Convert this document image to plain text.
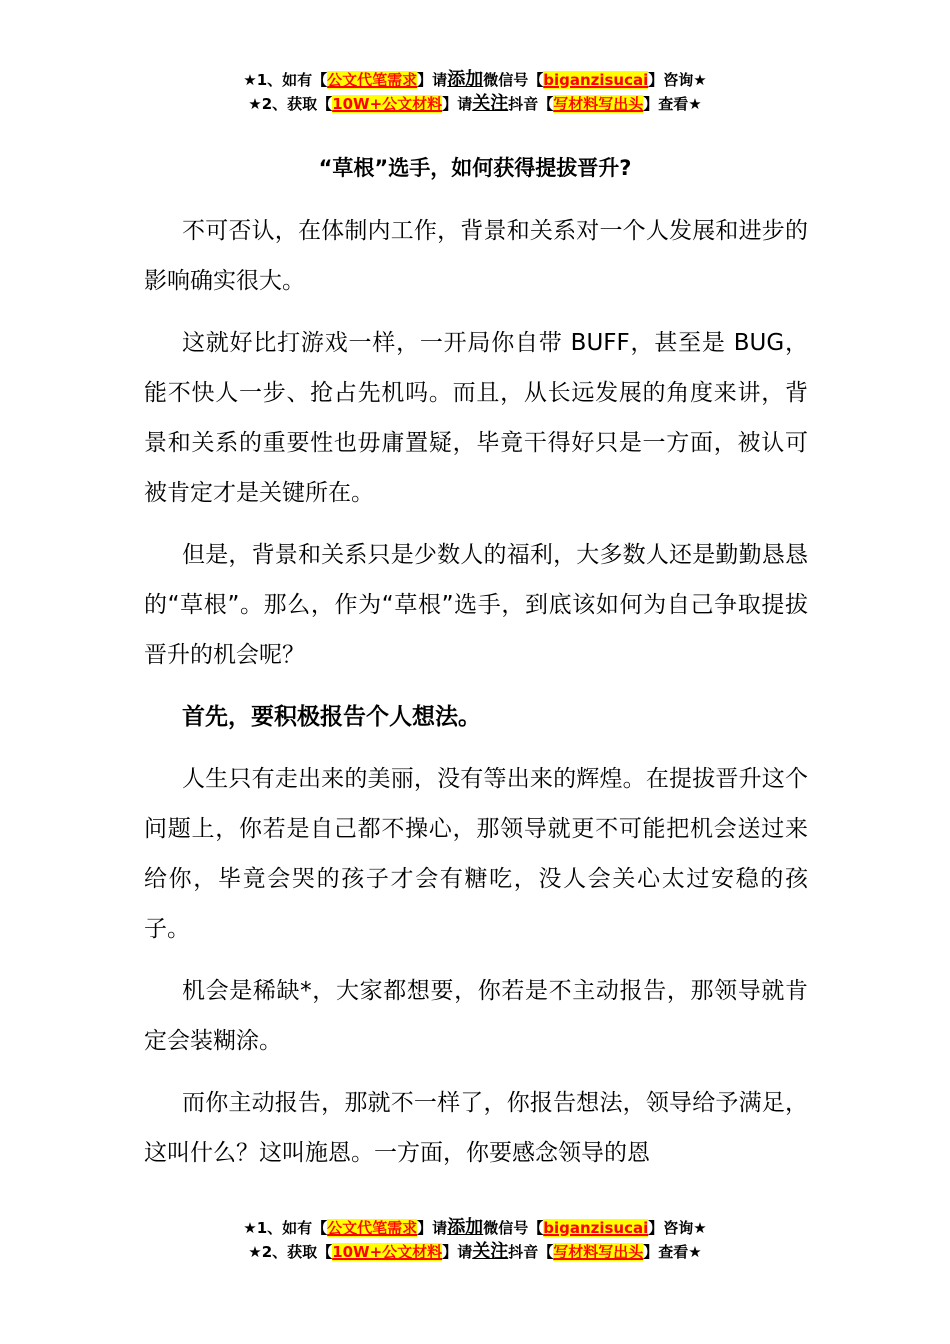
★1、如有【公文代笔需求】请添加微信号【biganzisucai】咨询★
★2、获取【10W+公文材料】请关注抖音【写材料写出头】查看★
“草根”选手，如何获得提拔晋升?

不可否认，在体制内工作，背景和关系对一个人发展和进步的影响确实很大。

这就好比打游戏一样，一开局你自带 BUFF，甚至是 BUG，能不快人一步、抢占先机吗。而且，从长远发展的角度来讲，背景和关系的重要性也毋庸置疑，毕竟干得好只是一方面，被认可被肯定才是关键所在。

但是，背景和关系只是少数人的福利，大多数人还是勤勤恳恳的“草根”。那么，作为“草根”选手，到底该如何为自己争取提拔晋升的机会呢？

首先，要积极报告个人想法。

人生只有走出来的美丽，没有等出来的辉煌。在提拔晋升这个问题上，你若是自己都不操心，那领导就更不可能把机会送过来给你，毕竟会哭的孩子才会有糖吃，没人会关心太过安稳的孩子。

机会是稀缺*，大家都想要，你若是不主动报告，那领导就肯定会装糊涂。

而你主动报告，那就不一样了，你报告想法，领导给予满足，这叫什么？这叫施恩。一方面，你要感念领导的恩

★1、如有【公文代笔需求】请添加微信号【biganzisucai】咨询★
★2、获取【10W+公文材料】请关注抖音【写材料写出头】查看★
